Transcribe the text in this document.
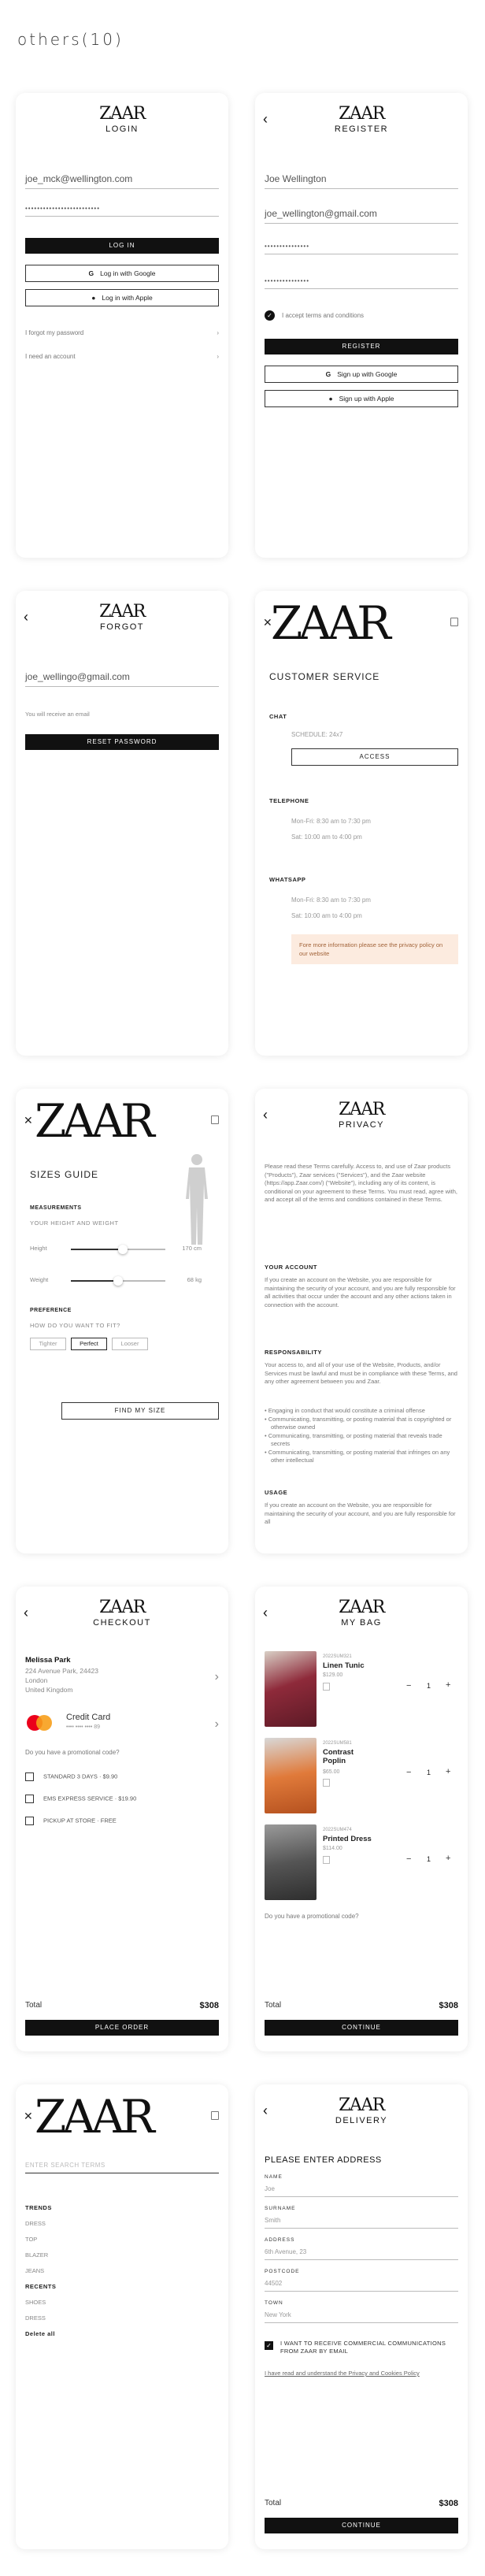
others(10)
ZAAR
LOGIN
joe_mck@wellington.com
•••••••••••••••••••••••••
LOG IN
G Log in with Google
● Log in with Apple
I forgot my password	›
I need an account	›
‹	ZAAR
REGISTER
Joe Wellington
joe_wellington@gmail.com
•••••••••••••••
•••••••••••••••
✓	I accept terms and conditions
REGISTER
G Sign up with Google
● Sign up with Apple
‹	ZAAR
FORGOT
joe_wellingo@gmail.com
You will receive an email
RESET PASSWORD
✕
ZAAR
CUSTOMER SERVICE
CHAT
SCHEDULE: 24x7
ACCESS
TELEPHONE
Mon-Fri: 8:30 am to 7:30 pm
Sat: 10:00 am to 4:00 pm
WHATSAPP
Mon-Fri: 8:30 am to 7:30 pm
Sat: 10:00 am to 4:00 pm
Fore more information please see the privacy policy on our website
✕ ZAAR
SIZES GUIDE
MEASUREMENTS
YOUR HEIGHT AND WEIGHT
Height	170 cm
Weight	68 kg
PREFERENCE
HOW DO YOU WANT TO FIT?
Tighter	Perfect	Looser
FIND MY SIZE
‹	ZAAR
PRIVACY
Please read these Terms carefully. Access to, and use of Zaar products ("Products"), Zaar services ("Services"), and the Zaar website (https://app.Zaar.com/) ("Website"), including any of its content, is conditional on your agreement to these Terms. You must read, agree with, and accept all of the terms and conditions contained in these Terms.
YOUR ACCOUNT
If you create an account on the Website, you are responsible for maintaining the security of your account, and you are fully responsible for all activities that occur under the account and any other actions taken in connection with the account.
RESPONSABILITY
Your access to, and all of your use of the Website, Products, and/or Services must be lawful and must be in compliance with these Terms, and any other agreement between you and Zaar.
• Engaging in conduct that would constitute a criminal offense
• Communicating, transmitting, or posting material that is copyrighted or otherwise owned
• Communicating, transmitting, or posting material that reveals trade secrets
• Communicating, transmitting, or posting material that infringes on any other intellectual
USAGE
If you create an account on the Website, you are responsible for maintaining the security of your account, and you are fully responsible for all
‹	ZAAR
CHECKOUT
Melissa Park
224 Avenue Park, 24423
London
United Kingdom
›
Credit Card
•••• •••• •••• 89	›
Do you have a promotional code?
STANDARD 3 DAYS · $9.90
EMS EXPRESS SERVICE · $19.90
PICKUP AT STORE · FREE
Total	$308
PLACE ORDER
‹	ZAAR
MY BAG
2022SUM321
Linen Tunic
$129.00
− 1 +
2022SUM581
Contrast Poplin
$65.00	− 1 +
2022SUM474
Printed Dress
$114.00
− 1 +
Do you have a promotional code?
Total	$308
CONTINUE
✕ ZAAR
ENTER SEARCH TERMS
TRENDS
DRESS
TOP
BLAZER
JEANS
RECENTS
SHOES
DRESS
Delete all
‹	ZAAR
DELIVERY
PLEASE ENTER ADDRESS
NAME
Joe
SURNAME
Smith
ADDRESS
6th Avenue, 23
POSTCODE
44502
TOWN
New York
✓ I WANT TO RECEIVE COMMERCIAL COMMUNICATIONS FROM ZAAR BY EMAIL
I have read and understand the Privacy and Cookies Policy
Total	$308
CONTINUE
